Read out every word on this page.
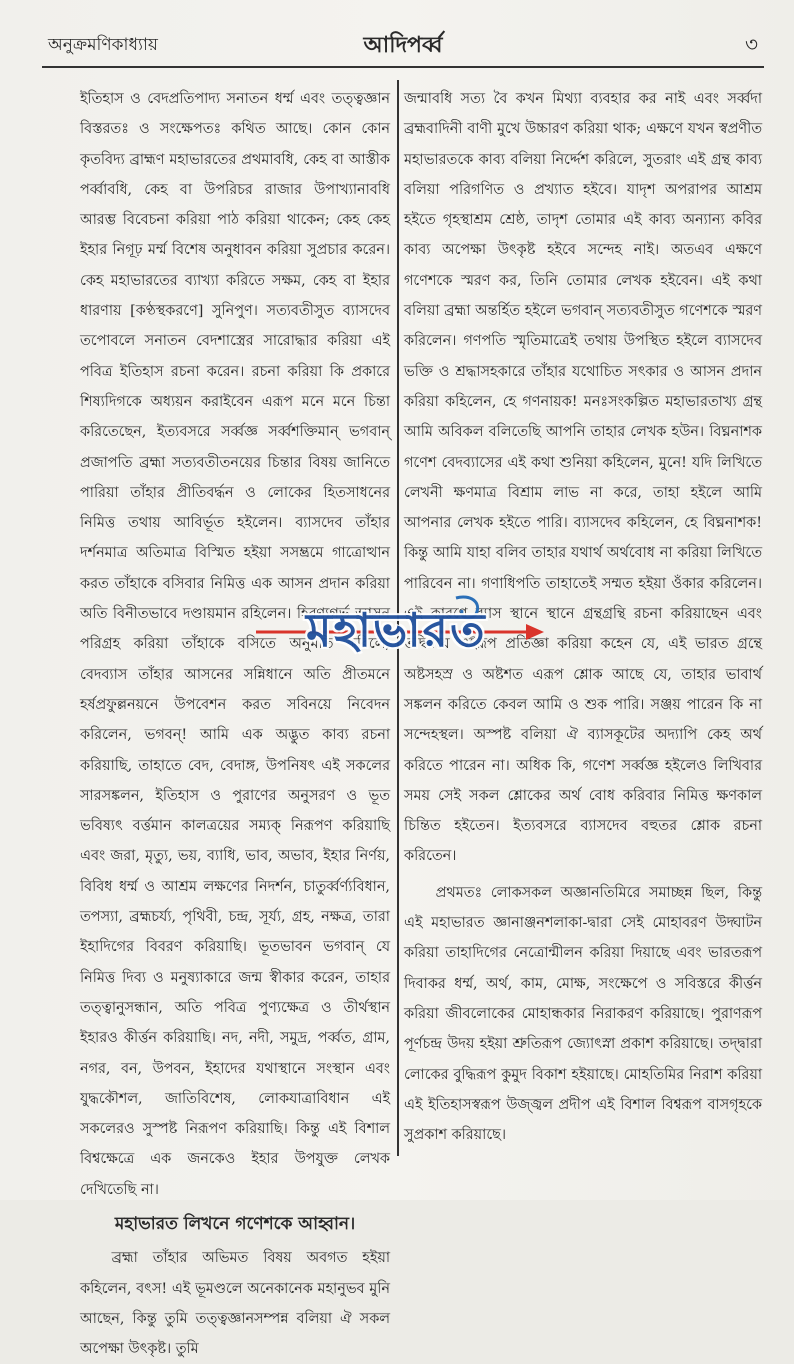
অনুক্রমণিকাধ্যায়	আদিপর্ব্ব	৩

ইতিহাস ও বেদপ্রতিপাদ্য সনাতন ধর্ম্ম এবং তত্ত্বজ্ঞান বিস্তরতঃ ও সংক্ষেপতঃ কথিত আছে। কোন কোন কৃতবিদ্য ব্রাহ্মণ মহাভারতের প্রথমাবধি, কেহ বা আস্তীক পর্ব্বাবধি, কেহ বা উপরিচর রাজার উপাখ্যানাবধি আরম্ভ বিবেচনা করিয়া পাঠ করিয়া থাকেন; কেহ কেহ ইহার নিগূঢ় মর্ম্ম বিশেষ অনুধাবন করিয়া সুপ্রচার করেন। কেহ মহাভারতের ব্যাখ্যা করিতে সক্ষম, কেহ বা ইহার ধারণায় [কণ্ঠস্থকরণে] সুনিপুণ। সত্যবতীসুত ব্যাসদেব তপোবলে সনাতন বেদশাস্ত্রের সারোদ্ধার করিয়া এই পবিত্র ইতিহাস রচনা করেন। রচনা করিয়া কি প্রকারে শিষ্যদিগকে অধ্যয়ন করাইবেন এরূপ মনে মনে চিন্তা করিতেছেন, ইত্যবসরে সর্ব্বজ্ঞ সর্ব্বশক্তিমান্ ভগবান্ প্রজাপতি ব্রহ্মা সত্যবতীতনয়ের চিন্তার বিষয় জানিতে পারিয়া তাঁহার প্রীতিবর্দ্ধন ও লোকের হিতসাধনের নিমিত্ত তথায় আবির্ভূত হইলেন। ব্যাসদেব তাঁহার দর্শনমাত্র অতিমাত্র বিস্মিত হইয়া সসম্ভ্রমে গাত্রোত্থান করত তাঁহাকে বসিবার নিমিত্ত এক আসন প্রদান করিয়া অতি বিনীতভাবে দণ্ডায়মান রহিলেন। হিরণ্যগর্ভ আসন পরিগ্রহ করিয়া তাঁহাকে বসিতে অনুমতি করিলে, বেদব্যাস তাঁহার আসনের সন্নিধানে অতি প্রীতমনে হর্ষপ্রফুল্লনয়নে উপবেশন করত সবিনয়ে নিবেদন করিলেন, ভগবন্! আমি এক অদ্ভুত কাব্য রচনা করিয়াছি, তাহাতে বেদ, বেদাঙ্গ, উপনিষৎ এই সকলের সারসঙ্কলন, ইতিহাস ও পুরাণের অনুসরণ ও ভূত ভবিষ্যৎ বর্ত্তমান কালত্রয়ের সম্যক্ নিরূপণ করিয়াছি এবং জরা, মৃত্যু, ভয়, ব্যাধি, ভাব, অভাব, ইহার নির্ণয়, বিবিধ ধর্ম্ম ও আশ্রম লক্ষণের নিদর্শন, চাতুর্ব্বর্ণ্যবিধান, তপস্যা, ব্রহ্মচর্য্য, পৃথিবী, চন্দ্র, সূর্য্য, গ্রহ, নক্ষত্র, তারা ইহাদিগের বিবরণ করিয়াছি। ভূতভাবন ভগবান্ যে নিমিত্ত দিব্য ও মনুষ্যাকারে জন্ম স্বীকার করেন, তাহার তত্ত্বানুসন্ধান, অতি পবিত্র পুণ্যক্ষেত্র ও তীর্থস্থান ইহারও কীর্ত্তন করিয়াছি। নদ, নদী, সমুদ্র, পর্ব্বত, গ্রাম, নগর, বন, উপবন, ইহাদের যথাস্থানে সংস্থান এবং যুদ্ধকৌশল, জাতিবিশেষ, লোকযাত্রাবিধান এই সকলেরও সুস্পষ্ট নিরূপণ করিয়াছি। কিন্তু এই বিশাল বিশ্বক্ষেত্রে এক জনকেও ইহার উপযুক্ত লেখক দেখিতেছি না।

মহাভারত লিখনে গণেশকে আহ্বান।

ব্রহ্মা তাঁহার অভিমত বিষয় অবগত হইয়া কহিলেন, বৎস! এই ভূমণ্ডলে অনেকানেক মহানুভব মুনি আছেন, কিন্তু তুমি তত্ত্বজ্ঞানসম্পন্ন বলিয়া ঐ সকল অপেক্ষা উৎকৃষ্ট। তুমি

জন্মাবধি সত্য বৈ কখন মিথ্যা ব্যবহার কর নাই এবং সর্ব্বদা ব্রহ্মবাদিনী বাণী মুখে উচ্চারণ করিয়া থাক; এক্ষণে যখন স্বপ্রণীত মহাভারতকে কাব্য বলিয়া নির্দ্দেশ করিলে, সুতরাং এই গ্রন্থ কাব্য বলিয়া পরিগণিত ও প্রখ্যাত হইবে। যাদৃশ অপরাপর আশ্রম হইতে গৃহস্থাশ্রম শ্রেষ্ঠ, তাদৃশ তোমার এই কাব্য অন্যান্য কবির কাব্য অপেক্ষা উৎকৃষ্ট হইবে সন্দেহ নাই। অতএব এক্ষণে গণেশকে স্মরণ কর, তিনি তোমার লেখক হইবেন। এই কথা বলিয়া ব্রহ্মা অন্তর্হিত হইলে ভগবান্ সত্যবতীসুত গণেশকে স্মরণ করিলেন। গণপতি স্মৃতিমাত্রেই তথায় উপস্থিত হইলে ব্যাসদেব ভক্তি ও শ্রদ্ধাসহকারে তাঁহার যথোচিত সৎকার ও আসন প্রদান করিয়া কহিলেন, হে গণনায়ক! মনঃসংকল্পিত মহাভারতাখ্য গ্রন্থ আমি অবিকল বলিতেছি আপনি তাহার লেখক হউন। বিঘ্ননাশক গণেশ বেদব্যাসের এই কথা শুনিয়া কহিলেন, মুনে! যদি লিখিতে লেখনী ক্ষণমাত্র বিশ্রাম লাভ না করে, তাহা হইলে আমি আপনার লেখক হইতে পারি। ব্যাসদেব কহিলেন, হে বিঘ্ননাশক! কিন্তু আমি যাহা বলিব তাহার যথার্থ অর্থবোধ না করিয়া লিখিতে পারিবেন না। গণাধিপতি তাহাতেই সম্মত হইয়া ওঁকার করিলেন। এই কারণে ব্যাস স্থানে স্থানে গ্রন্থগ্রন্থি রচনা করিয়াছেন এবং তদ্বিষয়ে এইরূপ প্রতিজ্ঞা করিয়া কহেন যে, এই ভারত গ্রন্থে অষ্টসহস্র ও অষ্টশত এরূপ শ্লোক আছে যে, তাহার ভাবার্থ সঙ্কলন করিতে কেবল আমি ও শুক পারি। সঞ্জয় পারেন কি না সন্দেহস্থল। অস্পষ্ট বলিয়া ঐ ব্যাসকূটের অদ্যাপি কেহ অর্থ করিতে পারেন না। অধিক কি, গণেশ সর্ব্বজ্ঞ হইলেও লিখিবার সময় সেই সকল শ্লোকের অর্থ বোধ করিবার নিমিত্ত ক্ষণকাল চিন্তিত হইতেন। ইত্যবসরে ব্যাসদেব বহুতর শ্লোক রচনা করিতেন।

প্রথমতঃ লোকসকল অজ্ঞানতিমিরে সমাচ্ছন্ন ছিল, কিন্তু এই মহাভারত জ্ঞানাঞ্জনশলাকা-দ্বারা সেই মোহাবরণ উদ্ঘাটন করিয়া তাহাদিগের নেত্রোন্মীলন করিয়া দিয়াছে এবং ভারতরূপ দিবাকর ধর্ম্ম, অর্থ, কাম, মোক্ষ, সংক্ষেপে ও সবিস্তরে কীর্ত্তন করিয়া জীবলোকের মোহান্ধকার নিরাকরণ করিয়াছে। পুরাণরূপ পূর্ণচন্দ্র উদয় হইয়া শ্রুতিরূপ জ্যোৎস্না প্রকাশ করিয়াছে। তদ্দ্বারা লোকের বুদ্ধিরূপ কুমুদ বিকাশ হইয়াছে। মোহতিমির নিরাশ করিয়া এই ইতিহাসস্বরূপ উজ্জ্বল প্রদীপ এই বিশাল বিশ্বরূপ বাসগৃহকে সুপ্রকাশ করিয়াছে।

মহাভারত
